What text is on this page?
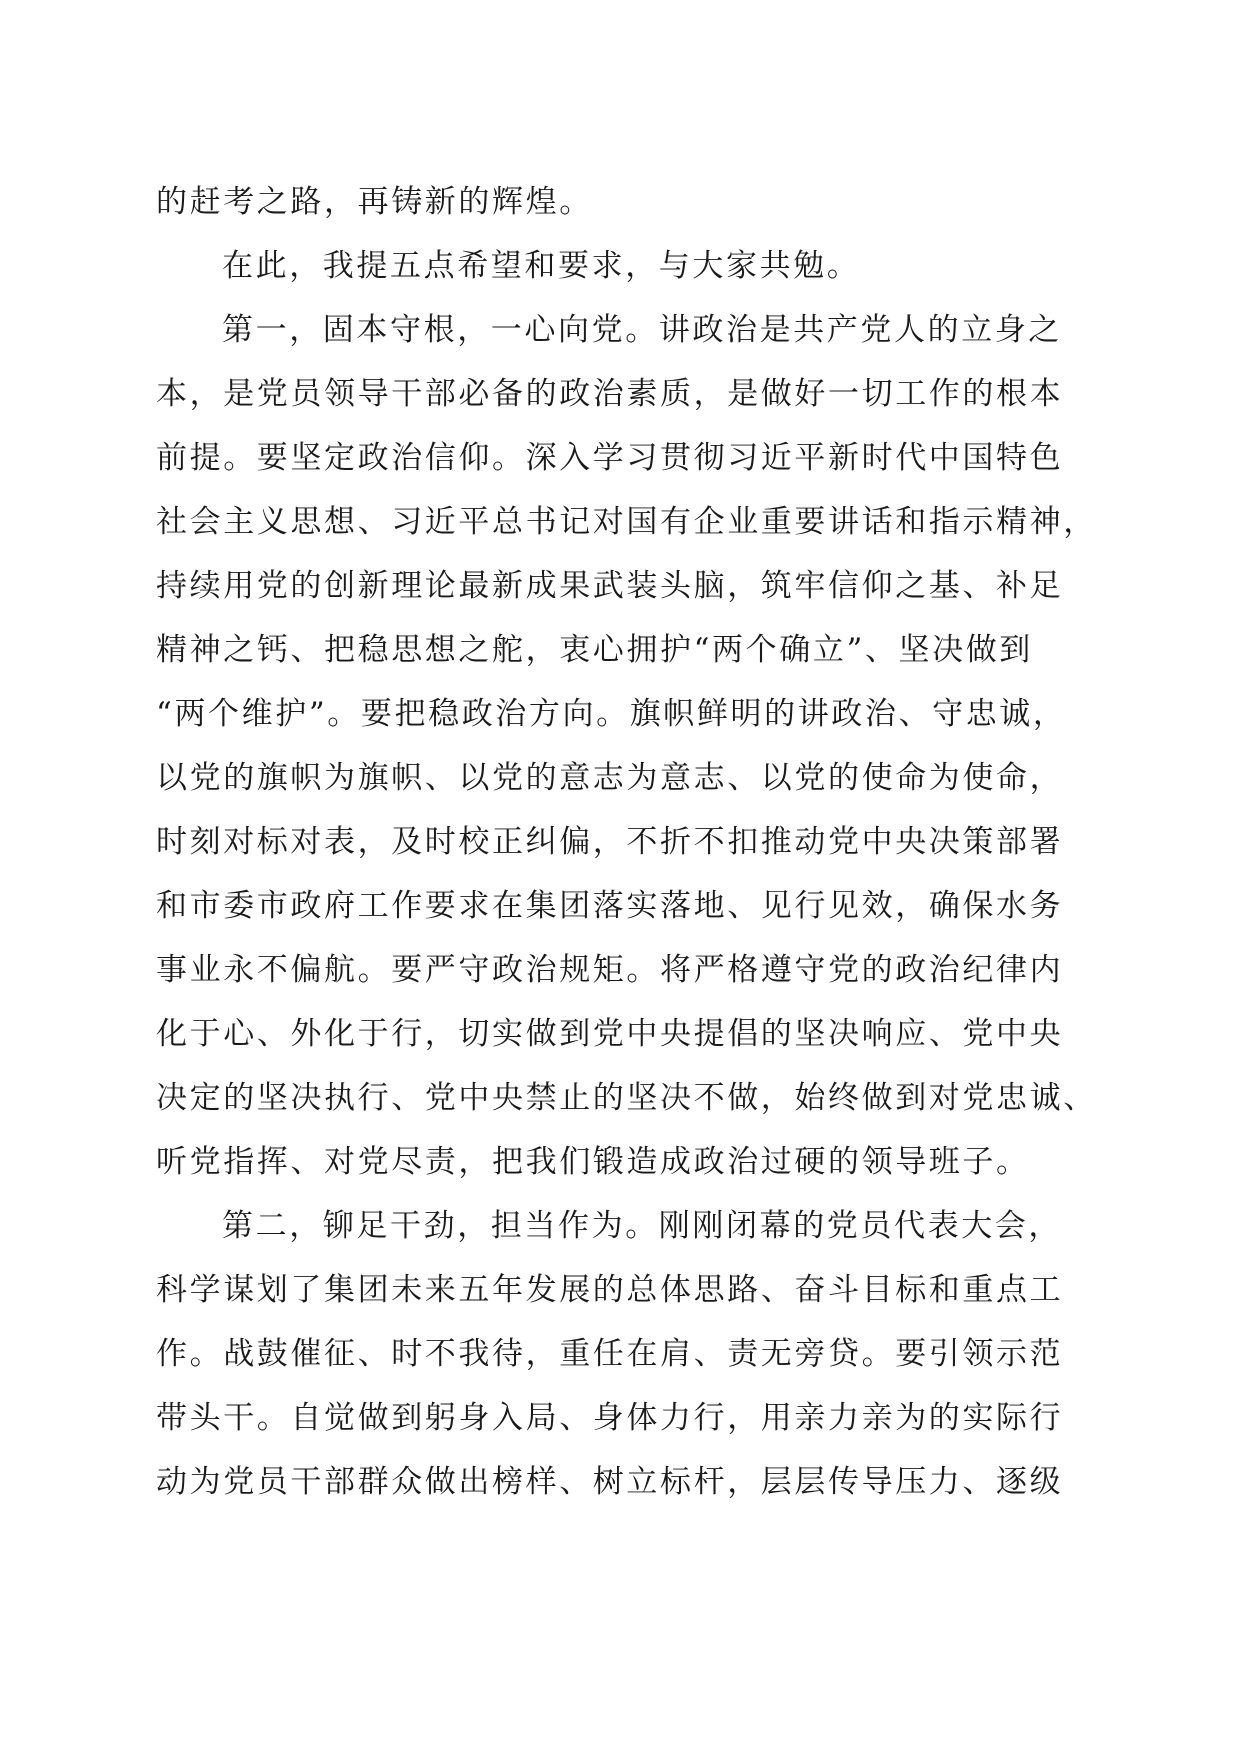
的赶考之路，再铸新的辉煌。
在此，我提五点希望和要求，与大家共勉。
第一，固本守根，一心向党。讲政治是共产党人的立身之
本，是党员领导干部必备的政治素质，是做好一切工作的根本
前提。要坚定政治信仰。深入学习贯彻习近平新时代中国特色
社会主义思想、习近平总书记对国有企业重要讲话和指示精神，
持续用党的创新理论最新成果武装头脑，筑牢信仰之基、补足
精神之钙、把稳思想之舵，衷心拥护“两个确立”、坚决做到
“两个维护”。要把稳政治方向。旗帜鲜明的讲政治、守忠诚，
以党的旗帜为旗帜、以党的意志为意志、以党的使命为使命，
时刻对标对表，及时校正纠偏，不折不扣推动党中央决策部署
和市委市政府工作要求在集团落实落地、见行见效，确保水务
事业永不偏航。要严守政治规矩。将严格遵守党的政治纪律内
化于心、外化于行，切实做到党中央提倡的坚决响应、党中央
决定的坚决执行、党中央禁止的坚决不做，始终做到对党忠诚、
听党指挥、对党尽责，把我们锻造成政治过硬的领导班子。
第二，铆足干劲，担当作为。刚刚闭幕的党员代表大会，
科学谋划了集团未来五年发展的总体思路、奋斗目标和重点工
作。战鼓催征、时不我待，重任在肩、责无旁贷。要引领示范
带头干。自觉做到躬身入局、身体力行，用亲力亲为的实际行
动为党员干部群众做出榜样、树立标杆，层层传导压力、逐级
